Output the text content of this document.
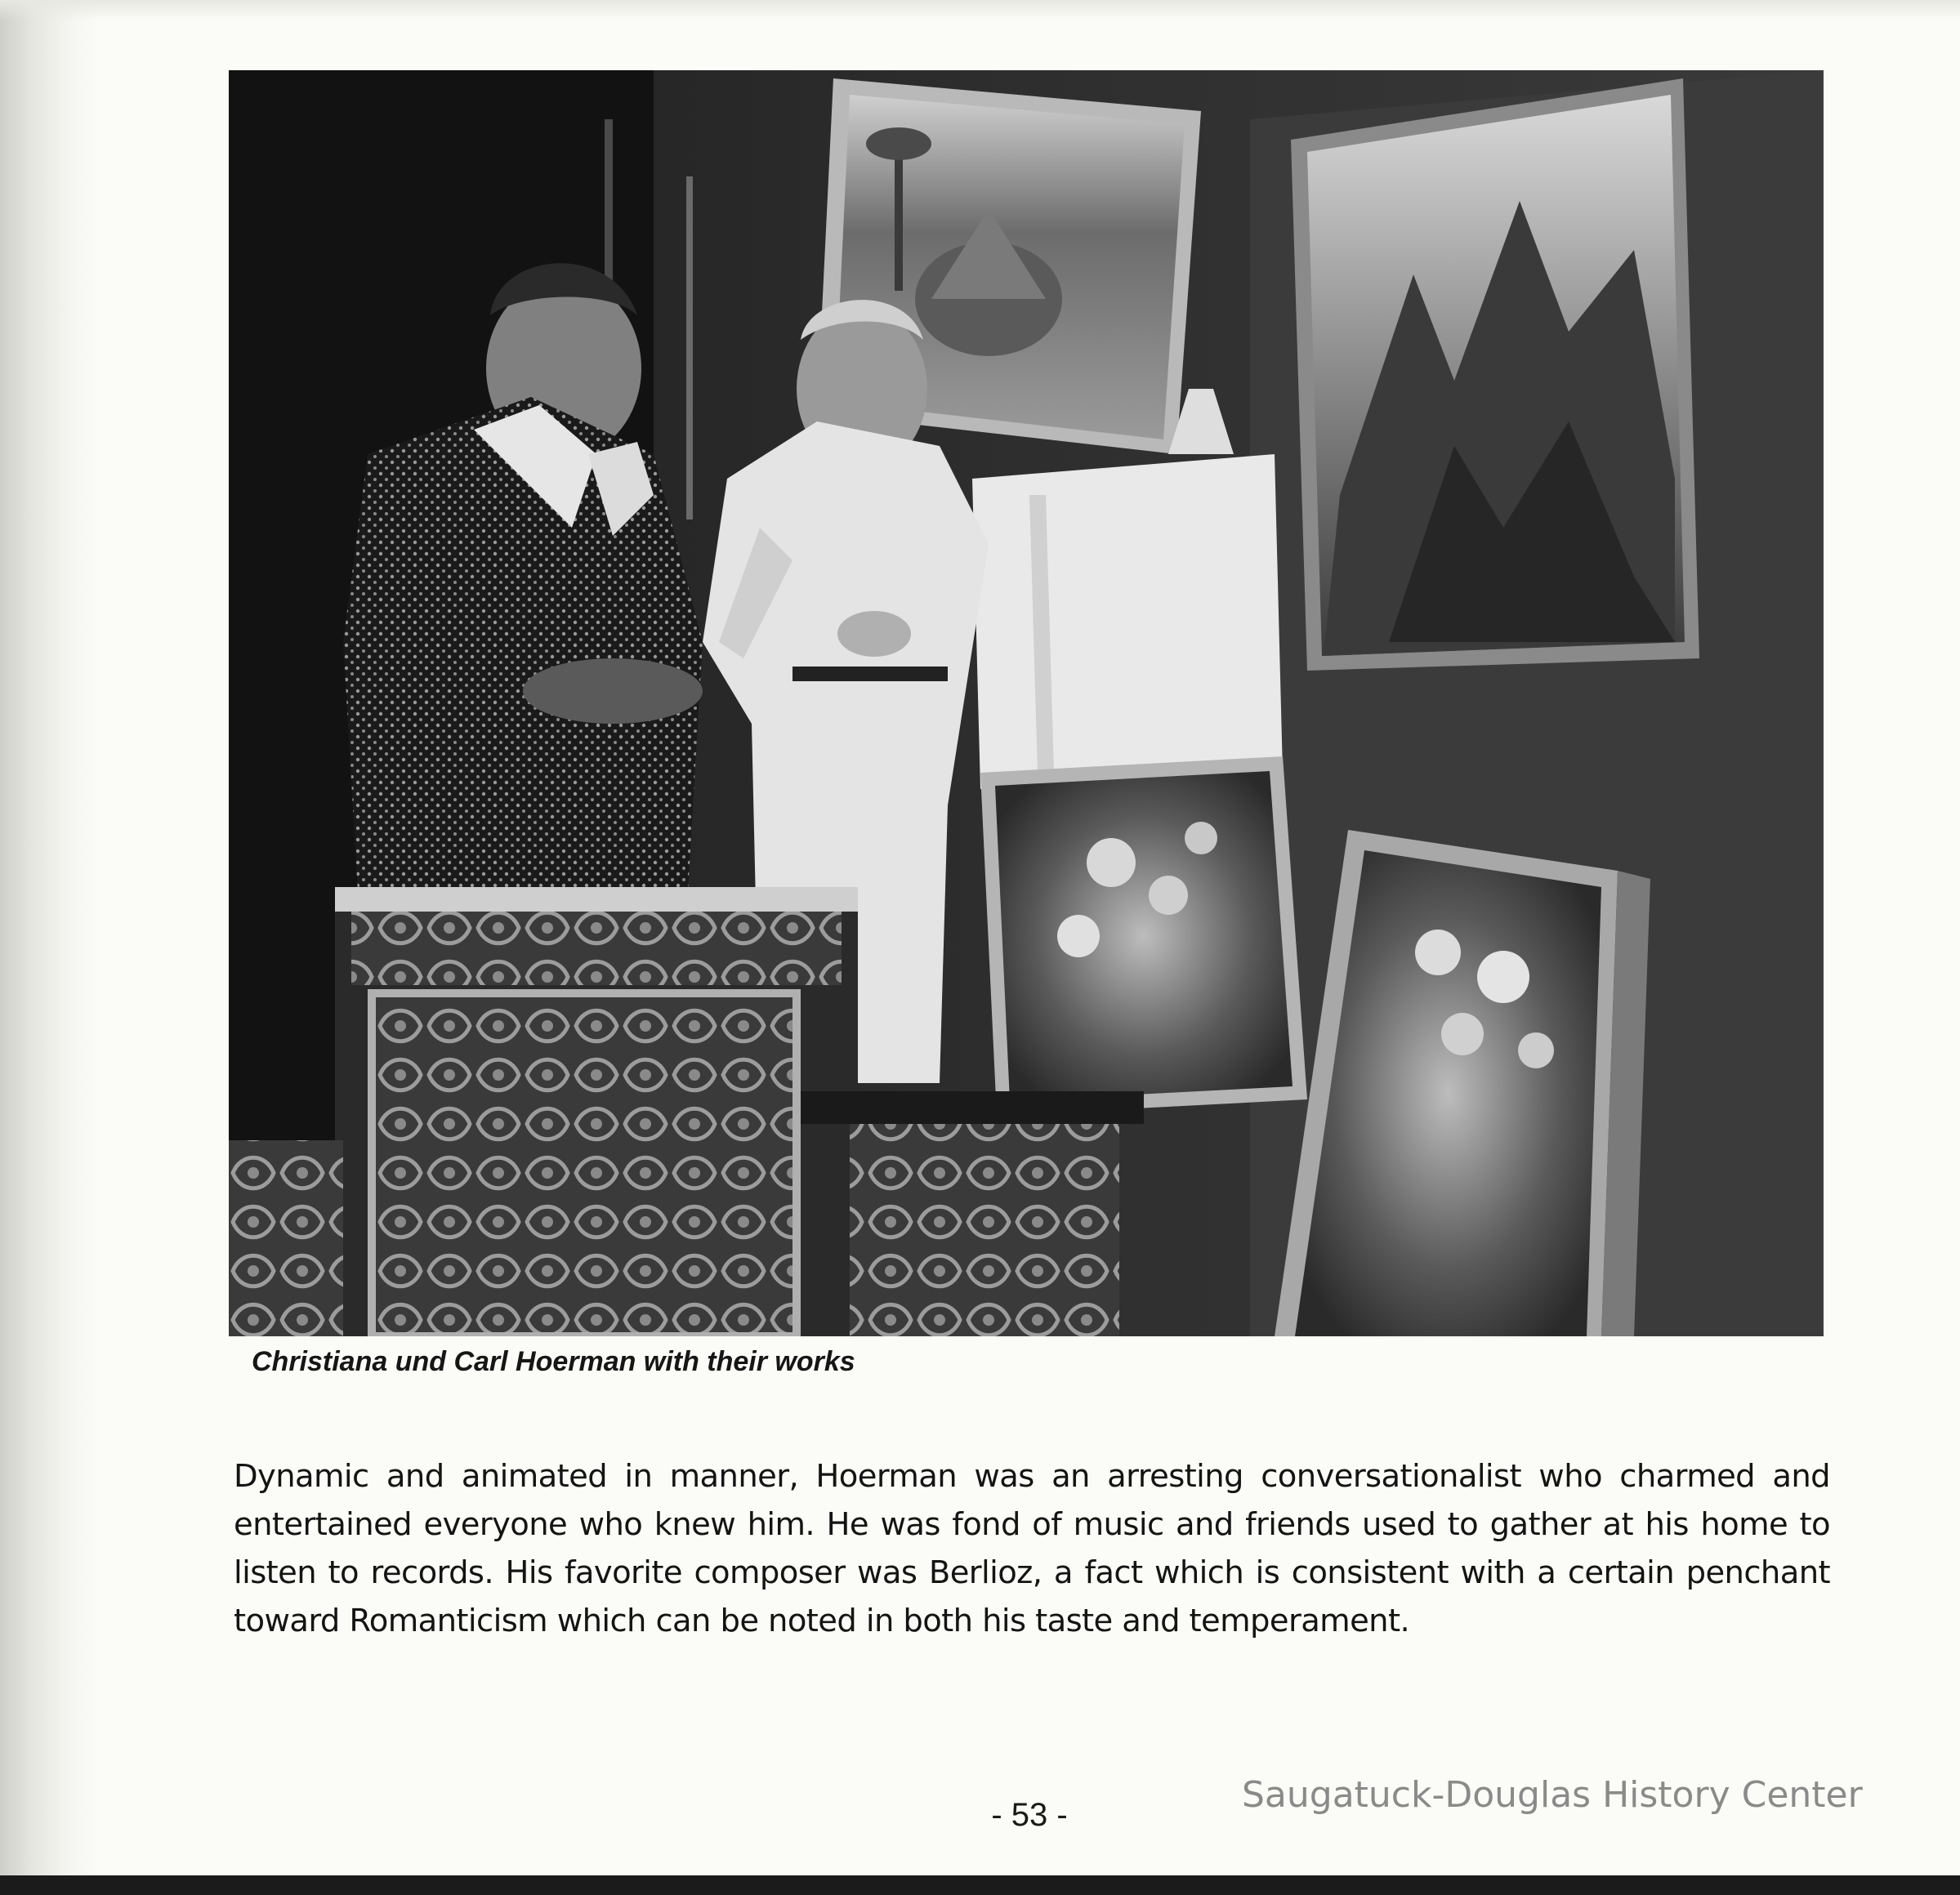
Christiana und Carl Hoerman with their works
Dynamic and animated in manner, Hoerman was an arresting conversationalist who charmed and entertained everyone who knew him. He was fond of music and friends used to gather at his home to listen to records. His favorite composer was Berlioz, a fact which is consistent with a certain penchant toward Romanticism which can be noted in both his taste and temperament.
Saugatuck-Douglas History Center
- 53 -
